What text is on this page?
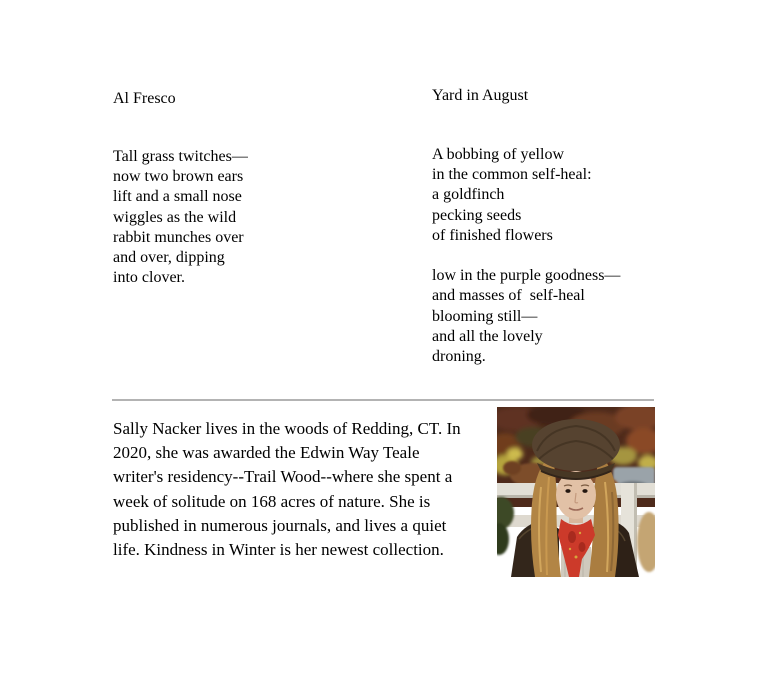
Al Fresco
Tall grass twitches—
now two brown ears
lift and a small nose
wiggles as the wild
rabbit munches over
and over, dipping
into clover.
Yard in August
A bobbing of yellow
in the common self-heal:
a goldfinch
pecking seeds
of finished flowers
low in the purple goodness—
and masses of  self-heal
blooming still—
and all the lovely
droning.
Sally Nacker lives in the woods of Redding, CT. In
2020, she was awarded the Edwin Way Teale
writer's residency--Trail Wood--where she spent a
week of solitude on 168 acres of nature. She is
published in numerous journals, and lives a quiet
life. Kindness in Winter is her newest collection.
